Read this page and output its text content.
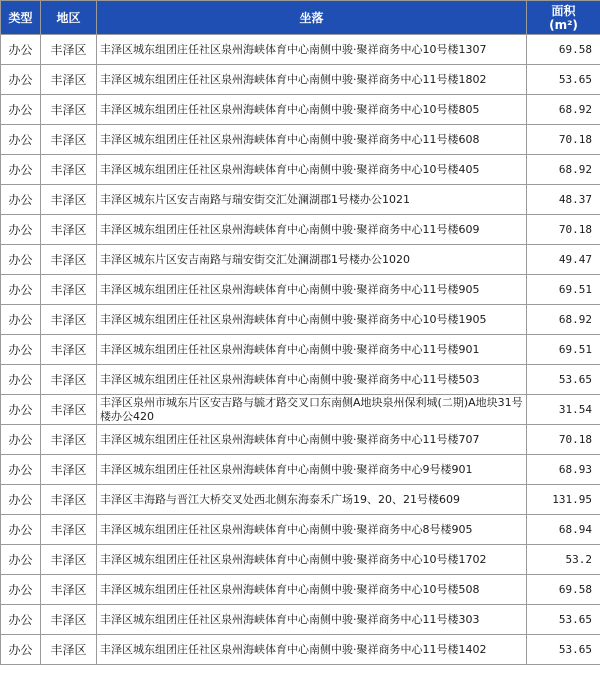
类型	地区	坐落	面积
(m²)

办公	丰泽区	丰泽区城东组团庄任社区泉州海峡体育中心南侧中骏·聚祥商务中心10号楼1307	69.58
办公	丰泽区	丰泽区城东组团庄任社区泉州海峡体育中心南侧中骏·聚祥商务中心11号楼1802	53.65
办公	丰泽区	丰泽区城东组团庄任社区泉州海峡体育中心南侧中骏·聚祥商务中心10号楼805	68.92
办公	丰泽区	丰泽区城东组团庄任社区泉州海峡体育中心南侧中骏·聚祥商务中心11号楼608	70.18
办公	丰泽区	丰泽区城东组团庄任社区泉州海峡体育中心南侧中骏·聚祥商务中心10号楼405	68.92
办公	丰泽区	丰泽区城东片区安吉南路与瑞安街交汇处澜湖郡1号楼办公1021	48.37
办公	丰泽区	丰泽区城东组团庄任社区泉州海峡体育中心南侧中骏·聚祥商务中心11号楼609	70.18
办公	丰泽区	丰泽区城东片区安吉南路与瑞安街交汇处澜湖郡1号楼办公1020	49.47
办公	丰泽区	丰泽区城东组团庄任社区泉州海峡体育中心南侧中骏·聚祥商务中心11号楼905	69.51
办公	丰泽区	丰泽区城东组团庄任社区泉州海峡体育中心南侧中骏·聚祥商务中心10号楼1905	68.92
办公	丰泽区	丰泽区城东组团庄任社区泉州海峡体育中心南侧中骏·聚祥商务中心11号楼901	69.51
办公	丰泽区	丰泽区城东组团庄任社区泉州海峡体育中心南侧中骏·聚祥商务中心11号楼503	53.65
办公	丰泽区	丰泽区泉州市城东片区安吉路与毓才路交叉口东南侧A地块泉州保利城(二期)A地块31号楼办公420	31.54
办公	丰泽区	丰泽区城东组团庄任社区泉州海峡体育中心南侧中骏·聚祥商务中心11号楼707	70.18
办公	丰泽区	丰泽区城东组团庄任社区泉州海峡体育中心南侧中骏·聚祥商务中心9号楼901	68.93
办公	丰泽区	丰泽区丰海路与晋江大桥交叉处西北侧东海泰禾广场19、20、21号楼609	131.95
办公	丰泽区	丰泽区城东组团庄任社区泉州海峡体育中心南侧中骏·聚祥商务中心8号楼905	68.94
办公	丰泽区	丰泽区城东组团庄任社区泉州海峡体育中心南侧中骏·聚祥商务中心10号楼1702	53.2
办公	丰泽区	丰泽区城东组团庄任社区泉州海峡体育中心南侧中骏·聚祥商务中心10号楼508	69.58
办公	丰泽区	丰泽区城东组团庄任社区泉州海峡体育中心南侧中骏·聚祥商务中心11号楼303	53.65
办公	丰泽区	丰泽区城东组团庄任社区泉州海峡体育中心南侧中骏·聚祥商务中心11号楼1402	53.65
